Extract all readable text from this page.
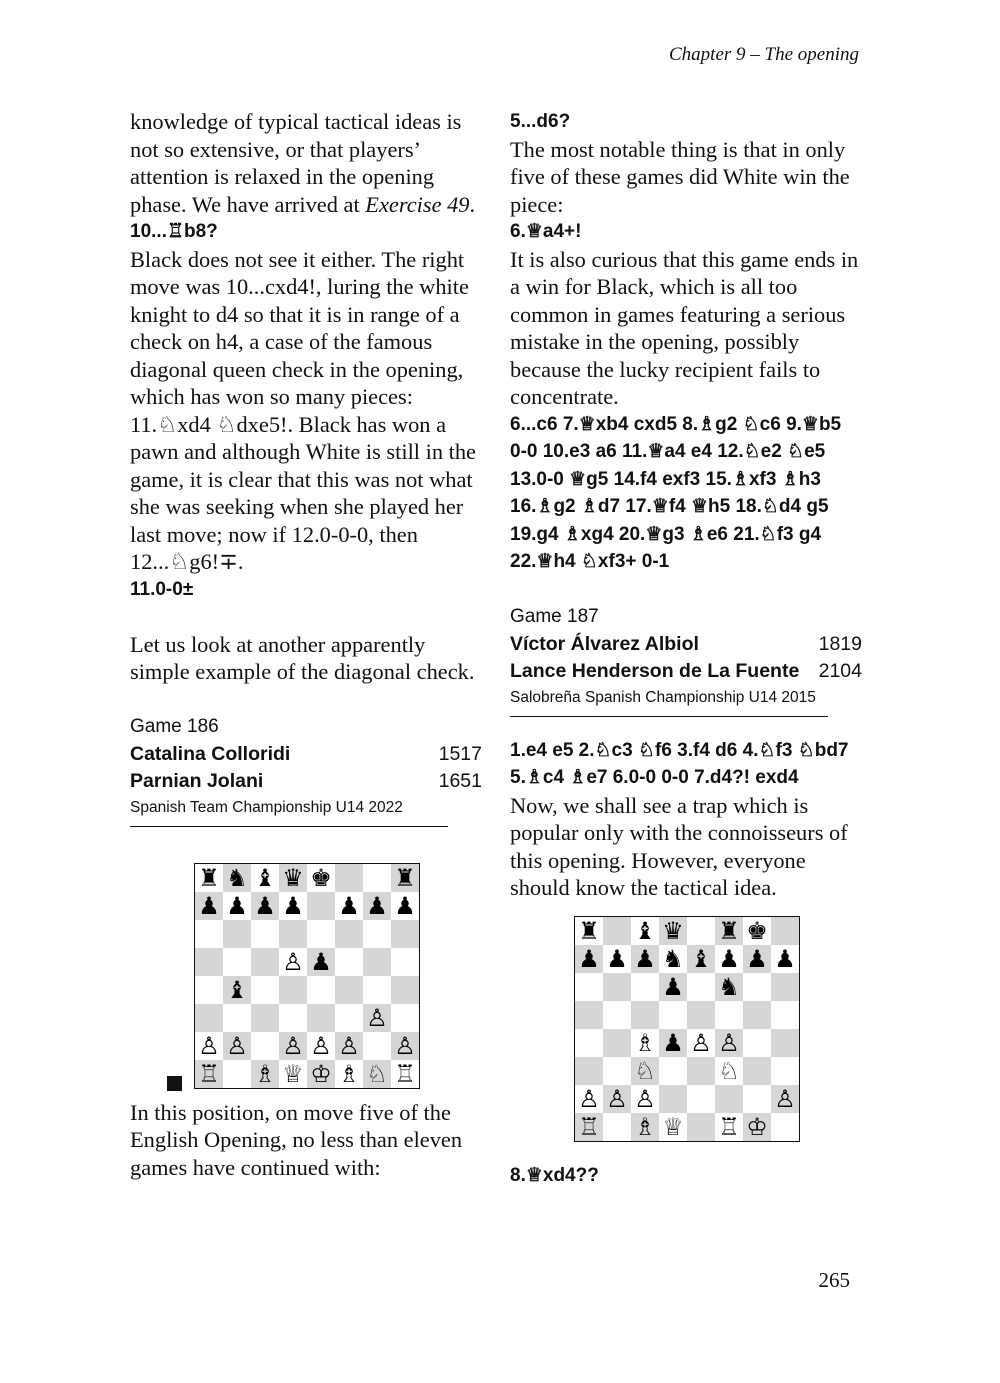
Chapter 9 – The opening

knowledge of typical tactical ideas is not so extensive, or that players’ attention is relaxed in the opening phase. We have arrived at Exercise 49.

10...♖b8?

Black does not see it either. The right move was 10...cxd4!, luring the white knight to d4 so that it is in range of a check on h4, a case of the famous diagonal queen check in the opening, which has won so many pieces: 11.♘xd4 ♘dxe5!. Black has won a pawn and although White is still in the game, it is clear that this was not what she was seeking when she played her last move; now if 12.0-0-0, then 12...♘g6!∓.

11.0-0±

Let us look at another apparently simple example of the diagonal check.

Game 186

Catalina Colloridi	1517
Parnian Jolani	1651
Spanish Team Championship U14 2022
♜ ♞ ♝ ♛ ♚	♜
♟ ♟ ♟ ♟ ♟ ♟ ♟
♙ ♟
♝
♙
♙ ♙ ♙ ♙ ♙ ♙
♖ ♗ ♕ ♔ ♗ ♘ ♖

In this position, on move five of the English Opening, no less than eleven games have continued with:

5...d6?

The most notable thing is that in only five of these games did White win the piece:

6.♕a4+!

It is also curious that this game ends in a win for Black, which is all too common in games featuring a serious mistake in the opening, possibly because the lucky recipient fails to concentrate.

6...c6 7.♕xb4 cxd5 8.♗g2 ♘c6 9.♕b5 0-0 10.e3 a6 11.♕a4 e4 12.♘e2 ♘e5 13.0-0 ♕g5 14.f4 exf3 15.♗xf3 ♗h3 16.♗g2 ♗d7 17.♕f4 ♕h5 18.♘d4 g5 19.g4 ♗xg4 20.♕g3 ♗e6 21.♘f3 g4 22.♕h4 ♘xf3+ 0-1

Game 187

Víctor Álvarez Albiol	1819
Lance Henderson de La Fuente 2104
Salobreña Spanish Championship U14 2015

1.e4 e5 2.♘c3 ♘f6 3.f4 d6 4.♘f3 ♘bd7 5.♗c4 ♗e7 6.0-0 0-0 7.d4?! exd4

Now, we shall see a trap which is popular only with the connoisseurs of this opening. However, everyone should know the tactical idea.

♜ ♝ ♛ ♜ ♚
♟ ♟ ♟ ♞ ♝ ♟ ♟ ♟
♟ ♞
♗ ♟ ♙ ♙
♘	♘
♙ ♙ ♙	♙
♖ ♗ ♕ ♖ ♔

8.♕xd4??

265
